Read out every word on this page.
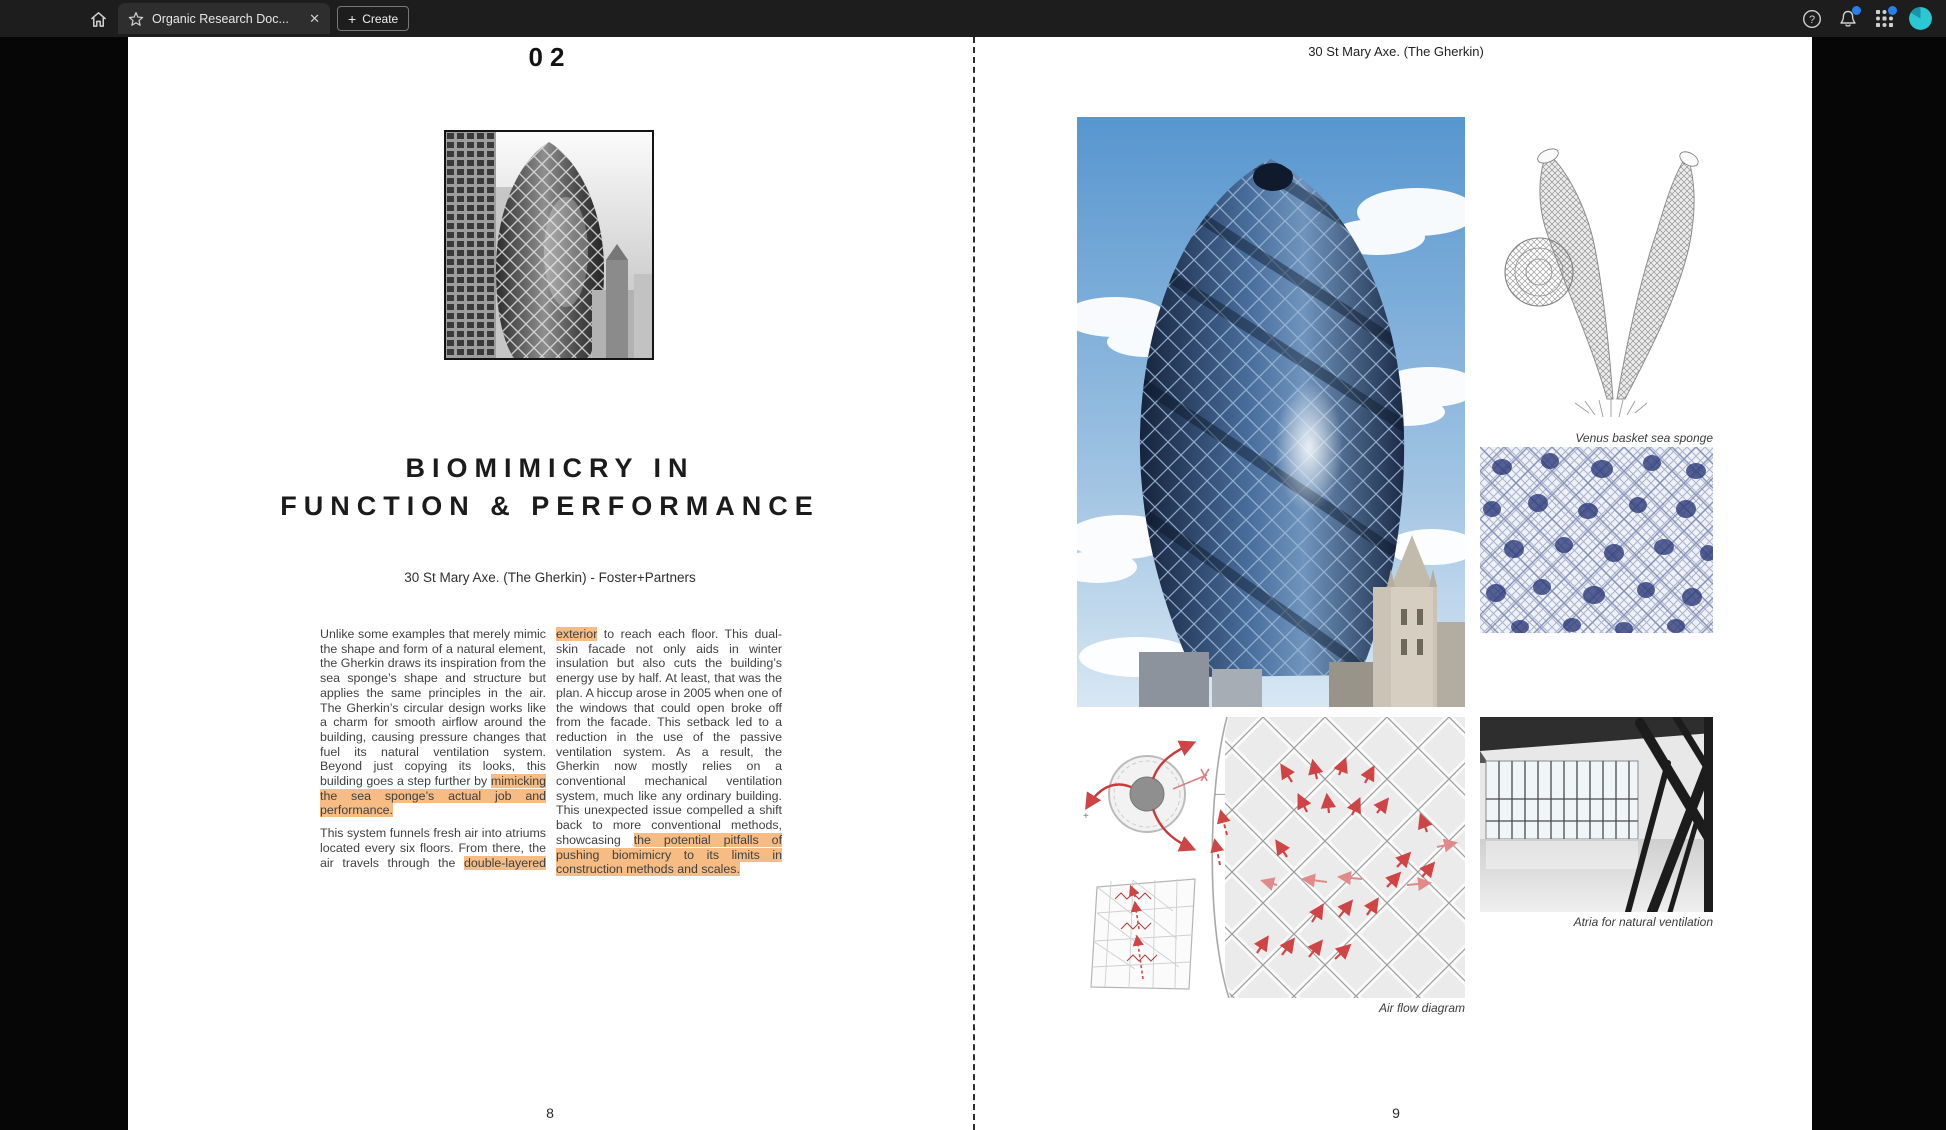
Organic Research Doc...	✕ + Create	?
02
BIOMIMICRY IN
FUNCTION & PERFORMANCE
30 St Mary Axe. (The Gherkin) - Foster+Partners

Unlike some examples that merely mimic the shape and form of a natural element, the Gherkin draws its inspiration from the sea sponge’s shape and structure but applies the same principles in the air. The Gherkin’s circular design works like a charm for smooth airflow around the building, causing pressure changes that fuel its natural ventilation system. Beyond just copying its looks, this building goes a step further by mimicking the sea sponge’s actual job and performance.

This system funnels fresh air into atriums located every six floors. From there, the air travels through the double-layered exterior to reach each floor. This dual-skin facade not only aids in winter insulation but also cuts the building’s energy use by half. At least, that was the plan. A hiccup arose in 2005 when one of the windows that could open broke off from the facade. This setback led to a reduction in the use of the passive ventilation system. As a result, the Gherkin now mostly relies on a conventional mechanical ventilation system, much like any ordinary building. This unexpected issue compelled a shift back to more conventional methods, showcasing the potential pitfalls of pushing biomimicry to its limits in construction methods and scales.

8
30 St Mary Axe. (The Gherkin)
Venus basket sea sponge
+
—
Air flow diagram
Atria for natural ventilation
9
